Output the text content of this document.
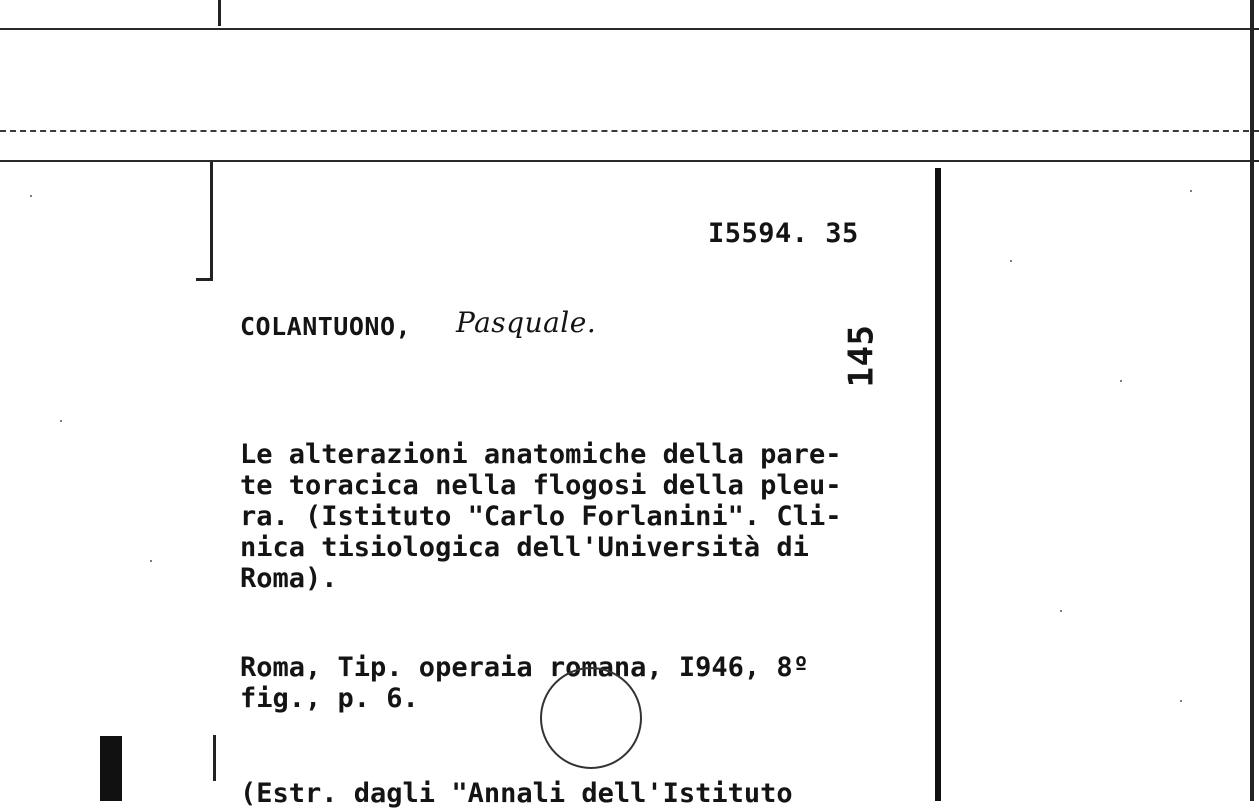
I5594. 35
COLANTUONO, Pasquale.
145
Le alterazioni anatomiche della pare-
te toracica nella flogosi della pleu-
ra. (Istituto "Carlo Forlanini". Cli-
nica tisiologica dell'Università di
Roma).
Roma, Tip. operaia romana, I946, 8º
fig., p. 6.
(Estr. dagli "Annali dell'Istituto
